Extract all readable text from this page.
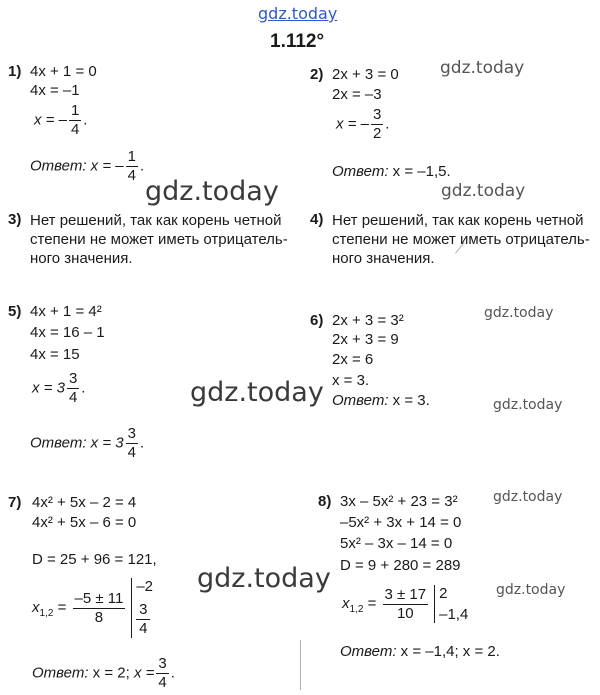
gdz.today
gdz.today
gdz.today	gdz.today
gdz.today
gdz.today	gdz.today
gdz.today
gdz.today	gdz.today
1.112°
1) 4x + 1 = 0
4x = –1
x = – $\frac{1}{4}$ .
Ответ: x = – $\frac{1}{4}$ .
2) 2x + 3 = 0
2x = –3
x = – $\frac{3}{2}$ .
Ответ: x = –1,5.
3) Нет решений, так как корень четной степени не может иметь отрицатель-ного значения.
4) Нет решений, так как корень четной степени не может иметь отрицатель-ного значения.
5) 4x + 1 = 4²
4x = 16 – 1
4x = 15
$x = 3 \frac{3}{4}$ .
Ответ: $x = 3 \frac{3}{4}$ .
6) 2x + 3 = 3²
2x + 3 = 9
2x = 6
x = 3.
Ответ: x = 3.
7) 4x² + 5x – 2 = 4
4x² + 5x – 6 = 0
D = 25 + 96 = 121,
$x_{1,2} = \frac{-5 \pm 11}{8}$
–2
3
4
Ответ: x = 2; $x = \frac{3}{4}$ .
8) 3x – 5x² + 23 = 3²
–5x² + 3x + 14 = 0
5x² – 3x – 14 = 0
D = 9 + 280 = 289
$x_{1,2} = \frac{3 \pm 17}{10} 2$
–1,4
Ответ: x = –1,4; x = 2.
